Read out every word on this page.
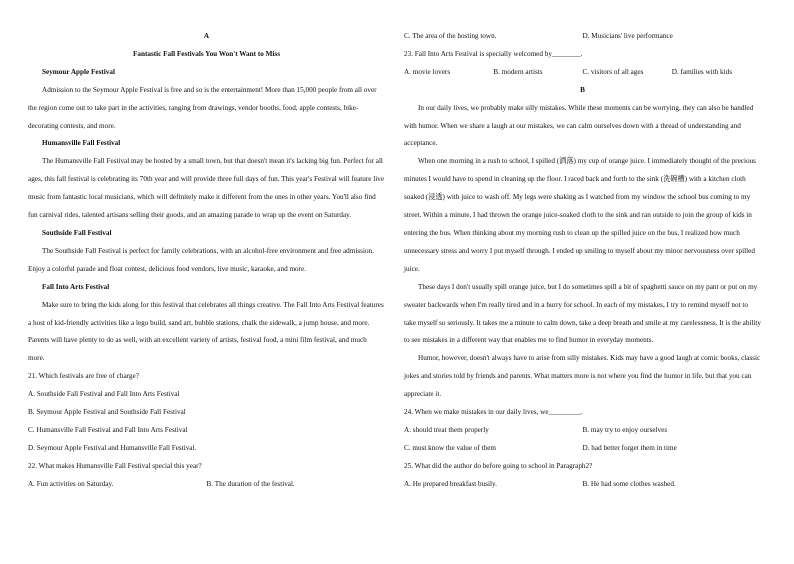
A

Fantastic Fall Festivals You Won't Want to Miss

Seymour Apple Festival

Admission to the Seymour Apple Festival is free and so is the entertainment! More than 15,000 people from all over the region come out to take part in the activities, ranging from drawings, vendor booths, food, apple contests, bike-decorating contests, and more.

Humansville Fall Festival

The Humansville Fall Festival may be hosted by a small town, but that doesn't mean it's lacking big fun. Perfect for all ages, this fall festival is celebrating its 70th year and will provide three full days of fun. This year's Festival will feature live music from fantastic local musicians, which will definitely make it different from the ones in other years. You'll also find fun carnival rides, talented artisans selling their goods, and an amazing parade to wrap up the event on Saturday.

Southside Fall Festival

The Southside Fall Festival is perfect for family celebrations, with an alcohol-free environment and free admission. Enjoy a colorful parade and float contest, delicious food vendors, live music, karaoke, and more.

Fall Into Arts Festival

Make sure to bring the kids along for this festival that celebrates all things creative. The Fall Into Arts Festival features a host of kid-friendly activities like a lego build, sand art, bubble stations, chalk the sidewalk, a jump house, and more. Parents will have plenty to do as well, with an excellent variety of artists, festival food, a mini film festival, and much more.

21. Which festivals are free of charge?

A. Southside Fall Festival and Fall Into Arts Festival

B. Seymour Apple Festival and Southside Fall Festival

C. Humansville Fall Festival and Fall Into Arts Festival

D. Seymour Apple Festival and Humansville Fall Festival.

22. What makes Humansville Fall Festival special this year?

A. Fun activities on Saturday.	B. The duration of the festival.
C. The area of the hosting town.	D. Musicians' live performance

23. Fall Into Arts Festival is specially welcomed by________.

A. movie lovers	B. modern artists	C. visitors of all ages	D. families with kids

B

In our daily lives, we probably make silly mistakes. While these moments can be worrying, they can also be handled with humor. When we share a laugh at our mistakes, we can calm ourselves down with a thread of understanding and acceptance.

When one morning in a rush to school, I spilled (洒落) my cup of orange juice. I immediately thought of the precious minutes I would have to spend in cleaning up the floor. I raced back and forth to the sink (洗碗槽) with a kitchen cloth soaked (浸透) with juice to wash off. My legs were shaking as I watched from my window the school bus coming to my street. Within a minute, I had thrown the orange juice-soaked cloth to the sink and ran outside to join the group of kids in entering the bus. When thinking about my morning rush to clean up the spilled juice on the bus, I realized how much unnecessary stress and worry I put myself through. I ended up smiling to myself about my minor nervousness over spilled juice.

These days I don't usually spill orange juice, but I do sometimes spill a bit of spaghetti sauce on my pant or put on my sweater backwards when I'm really tired and in a hurry for school. In each of my mistakes, I try to remind myself not to take myself so seriously. It takes me a minute to calm down, take a deep breath and smile at my carelessness. It is the ability to see mistakes in a different way that enables me to find humor in everyday moments.

Humor, however, doesn't always have to arise from silly mistakes. Kids may have a good laugh at comic books, classic jokes and stories told by friends and parents. What matters more is not where you find the humor in life, but that you can appreciate it.

24. When we make mistakes in our daily lives, we_________.

A. should treat them properly	B. may try to enjoy ourselves
C. must know the value of them	D. had better forget them in time

25. What did the author do before going to school in Paragraph2?

A. He prepared breakfast busily.	B. He had some clothes washed.
